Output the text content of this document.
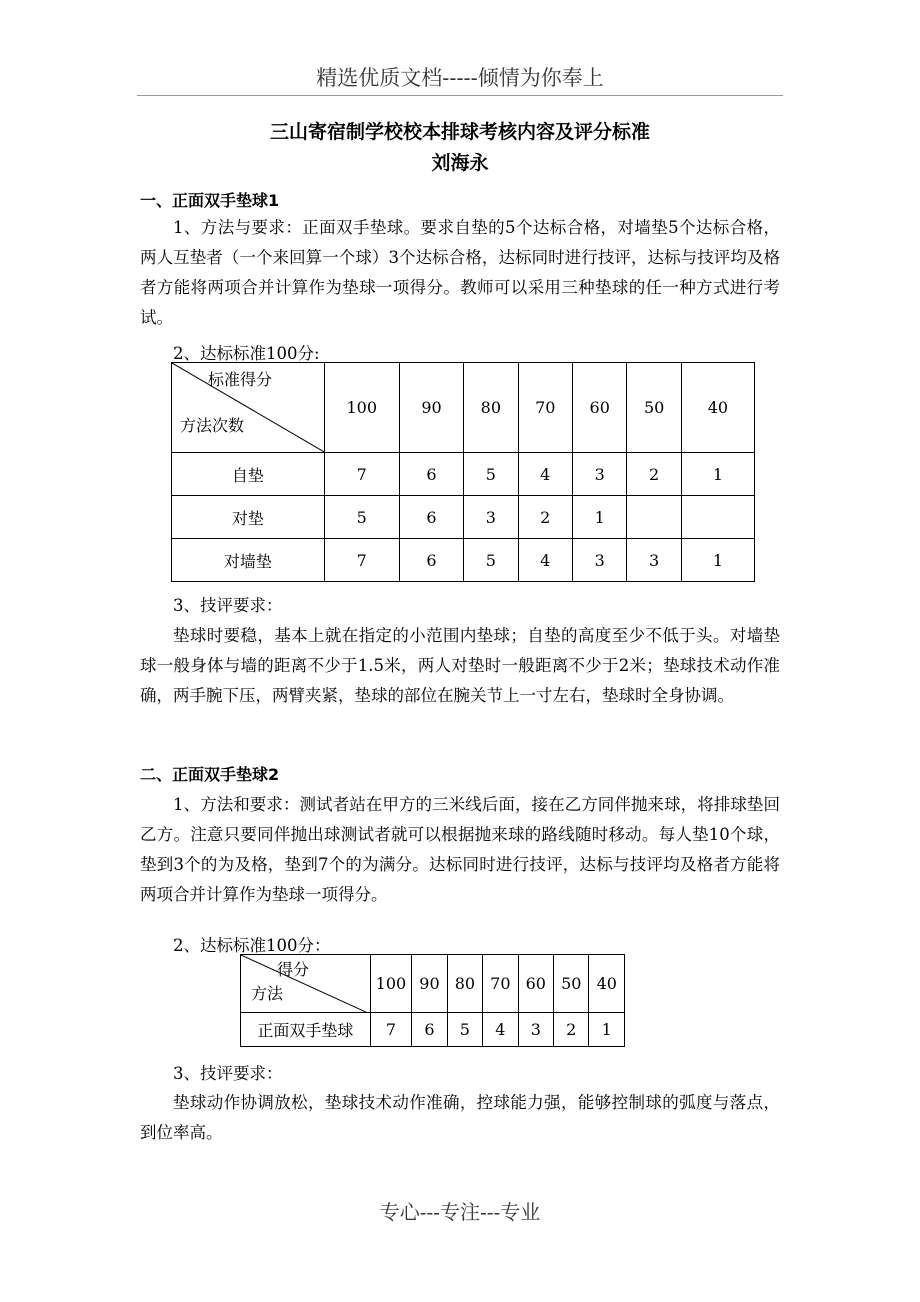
精选优质文档-----倾情为你奉上
三山寄宿制学校校本排球考核内容及评分标准
刘海永
一、正面双手垫球1
1、方法与要求：正面双手垫球。要求自垫的5个达标合格，对墙垫5个达标合格，两人互垫者（一个来回算一个球）3个达标合格，达标同时进行技评，达标与技评均及格者方能将两项合并计算作为垫球一项得分。教师可以采用三种垫球的任一种方式进行考试。
2、达标标准100分:
标准得分
方法次数	100	90	80	70	60	50	40
自垫	7	6	5	4	3	2	1
对垫	5	6	3	2	1		
对墙垫	7	6	5	4	3	3	1
3、技评要求：
垫球时要稳，基本上就在指定的小范围内垫球；自垫的高度至少不低于头。对墙垫球一般身体与墙的距离不少于1.5米，两人对垫时一般距离不少于2米；垫球技术动作准确，两手腕下压，两臂夹紧，垫球的部位在腕关节上一寸左右，垫球时全身协调。
二、正面双手垫球2
1、方法和要求：测试者站在甲方的三米线后面，接在乙方同伴抛来球，将排球垫回乙方。注意只要同伴抛出球测试者就可以根据抛来球的路线随时移动。每人垫10个球，垫到3个的为及格，垫到7个的为满分。达标同时进行技评，达标与技评均及格者方能将两项合并计算作为垫球一项得分。
2、达标标准100分：
得分
方法	100	90	80	70	60	50	40
正面双手垫球	7	6	5	4	3	2	1
3、技评要求：
垫球动作协调放松，垫球技术动作准确，控球能力强，能够控制球的弧度与落点，到位率高。
专心---专注---专业
